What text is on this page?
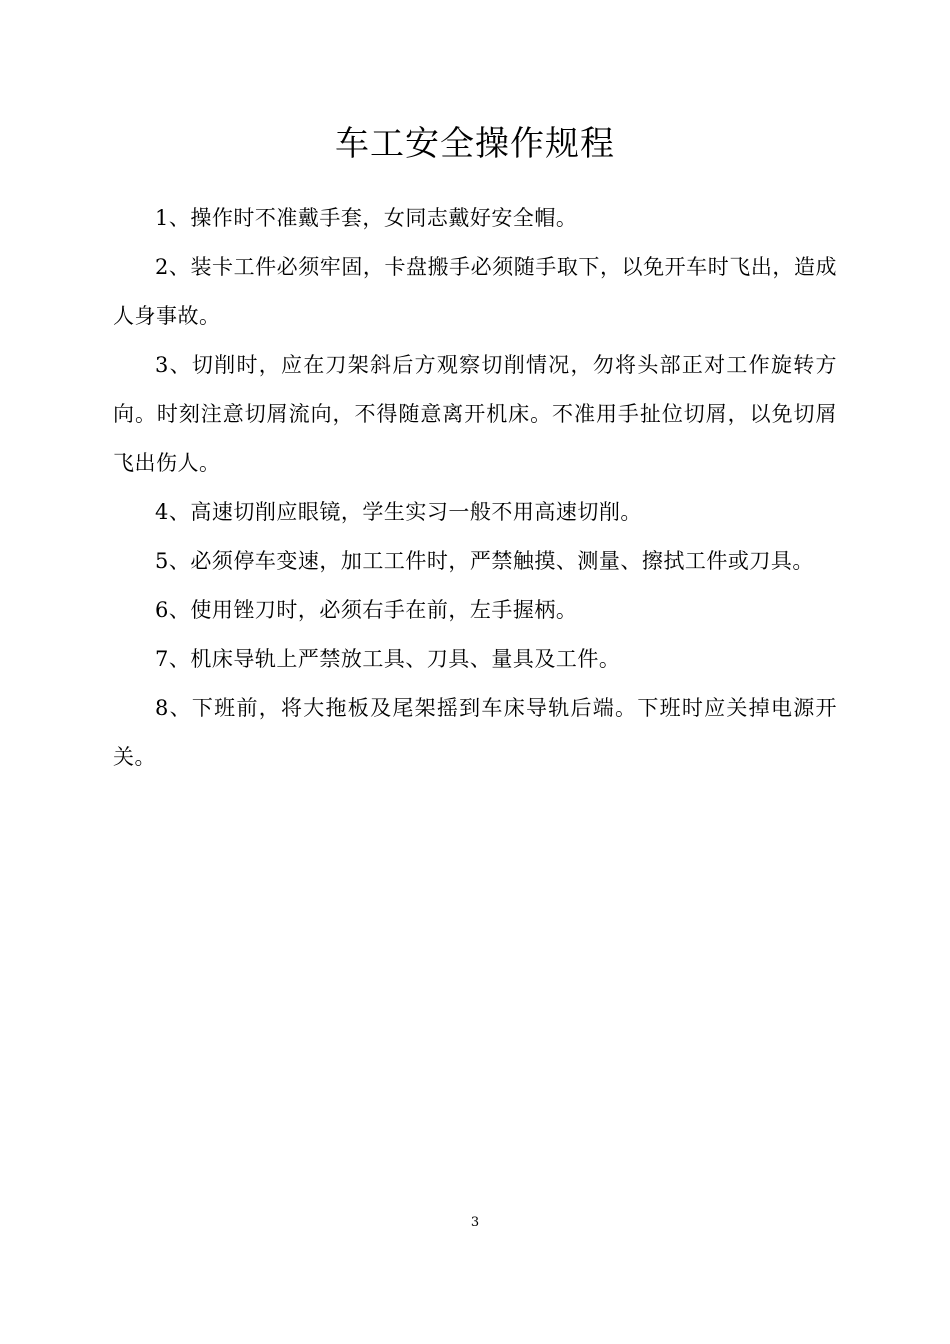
车工安全操作规程

1、操作时不准戴手套，女同志戴好安全帽。

2、装卡工件必须牢固，卡盘搬手必须随手取下，以免开车时飞出，造成人身事故。

3、切削时，应在刀架斜后方观察切削情况，勿将头部正对工作旋转方向。时刻注意切屑流向，不得随意离开机床。不准用手扯位切屑，以免切屑飞出伤人。

4、高速切削应眼镜，学生实习一般不用高速切削。

5、必须停车变速，加工工件时，严禁触摸、测量、擦拭工件或刀具。

6、使用锉刀时，必须右手在前，左手握柄。

7、机床导轨上严禁放工具、刀具、量具及工件。

8、下班前，将大拖板及尾架摇到车床导轨后端。下班时应关掉电源开关。

3
